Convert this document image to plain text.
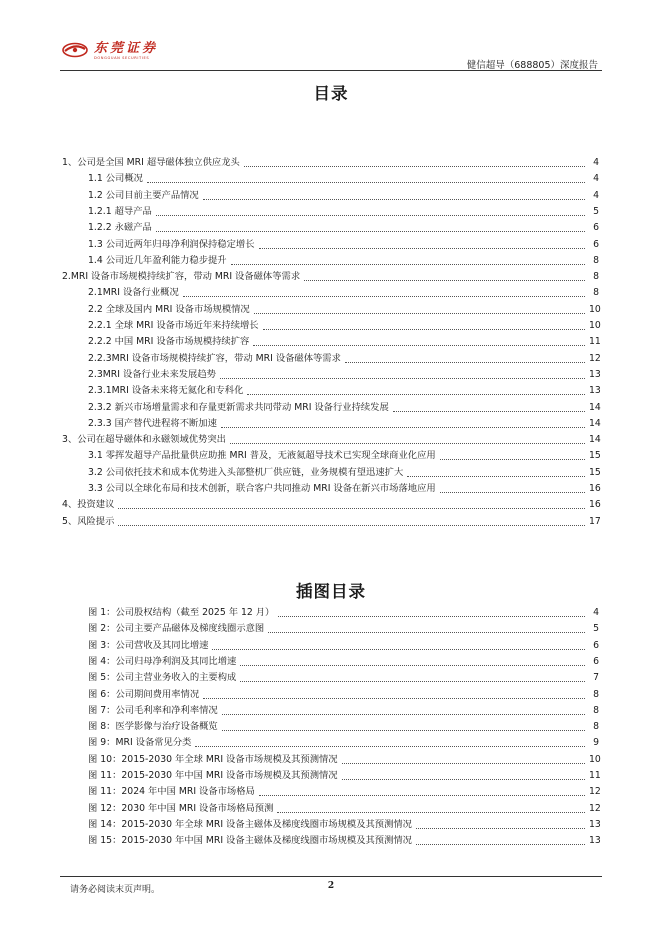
东莞证券
DONGGUAN SECURITIES
健信超导（688805）深度报告
目录
1、公司是全国 MRI 超导磁体独立供应龙头	4
1.1 公司概况	4
1.2 公司目前主要产品情况	4
1.2.1 超导产品	5
1.2.2 永磁产品	6
1.3 公司近两年归母净利润保持稳定增长	6
1.4 公司近几年盈利能力稳步提升	8
2.MRI 设备市场规模持续扩容，带动 MRI 设备磁体等需求	8
2.1MRI 设备行业概况	8
2.2 全球及国内 MRI 设备市场规模情况	10
2.2.1 全球 MRI 设备市场近年来持续增长	10
2.2.2 中国 MRI 设备市场规模持续扩容	11
2.2.3MRI 设备市场规模持续扩容，带动 MRI 设备磁体等需求	12
2.3MRI 设备行业未来发展趋势	13
2.3.1MRI 设备未来将无氦化和专科化	13
2.3.2 新兴市场增量需求和存量更新需求共同带动 MRI 设备行业持续发展	14
2.3.3 国产替代进程将不断加速	14
3、公司在超导磁体和永磁领域优势突出	14
3.1 零挥发超导产品批量供应助推 MRI 普及，无液氦超导技术已实现全球商业化应用	15
3.2 公司依托技术和成本优势进入头部整机厂供应链，业务规模有望迅速扩大	15
3.3 公司以全球化布局和技术创新，联合客户共同推动 MRI 设备在新兴市场落地应用	16
4、投资建议	16
5、风险提示	17
插图目录
图 1：公司股权结构（截至 2025 年 12 月）	4
图 2：公司主要产品磁体及梯度线圈示意图	5
图 3：公司营收及其同比增速	6
图 4：公司归母净利润及其同比增速	6
图 5：公司主营业务收入的主要构成	7
图 6：公司期间费用率情况	8
图 7：公司毛利率和净利率情况	8
图 8：医学影像与治疗设备概览	8
图 9：MRI 设备常见分类	9
图 10：2015-2030 年全球 MRI 设备市场规模及其预测情况	10
图 11：2015-2030 年中国 MRI 设备市场规模及其预测情况	11
图 11：2024 年中国 MRI 设备市场格局	12
图 12：2030 年中国 MRI 设备市场格局预测	12
图 14：2015-2030 年全球 MRI 设备主磁体及梯度线圈市场规模及其预测情况	13
图 15：2015-2030 年中国 MRI 设备主磁体及梯度线圈市场规模及其预测情况	13
请务必阅读末页声明。	2
